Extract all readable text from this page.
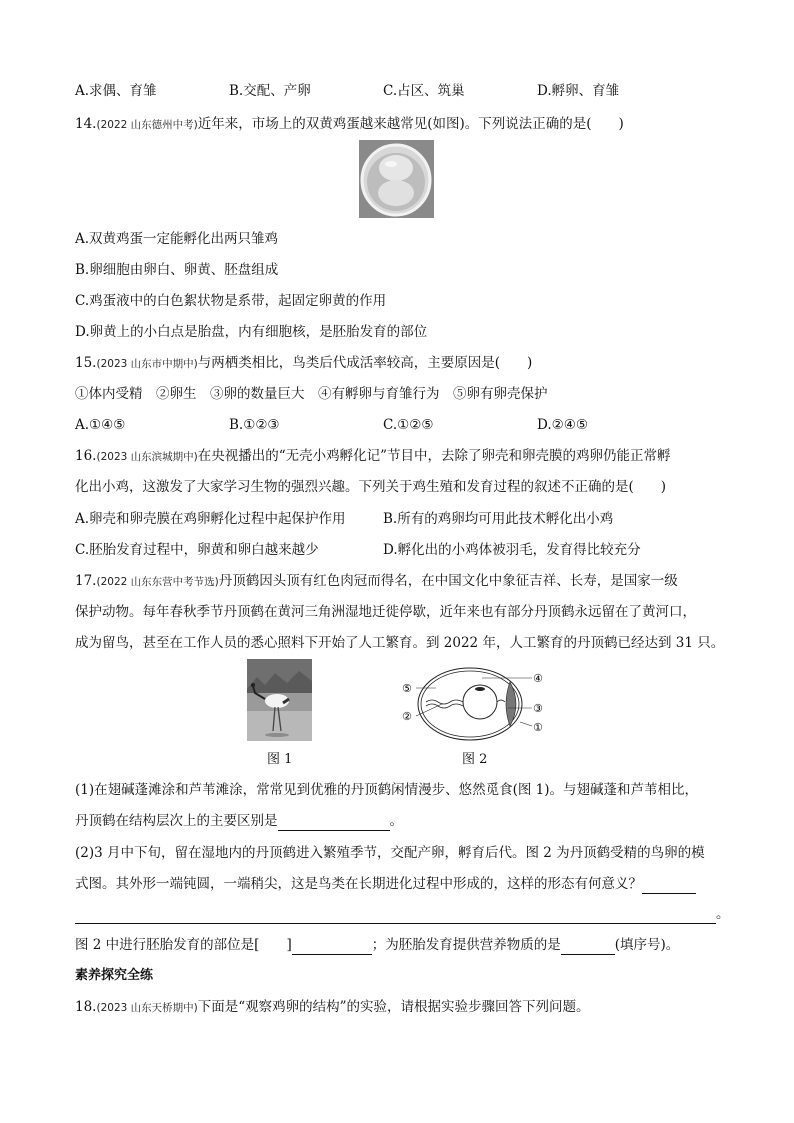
A.求偶、育雏	B.交配、产卵	C.占区、筑巢	D.孵卵、育雏
14.(2022 山东德州中考)近年来，市场上的双黄鸡蛋越来越常见(如图)。下列说法正确的是(　　)
A.双黄鸡蛋一定能孵化出两只雏鸡
B.卵细胞由卵白、卵黄、胚盘组成
C.鸡蛋液中的白色絮状物是系带，起固定卵黄的作用
D.卵黄上的小白点是胎盘，内有细胞核，是胚胎发育的部位
15.(2023 山东市中期中)与两栖类相比，鸟类后代成活率较高，主要原因是(　　)
①体内受精　②卵生　③卵的数量巨大　④有孵卵与育雏行为　⑤卵有卵壳保护
A.①④⑤	B.①②③	C.①②⑤	D.②④⑤
16.(2023 山东滨城期中)在央视播出的“无壳小鸡孵化记”节目中，去除了卵壳和卵壳膜的鸡卵仍能正常孵
化出小鸡，这激发了大家学习生物的强烈兴趣。下列关于鸡生殖和发育过程的叙述不正确的是(　　)
A.卵壳和卵壳膜在鸡卵孵化过程中起保护作用	B.所有的鸡卵均可用此技术孵化出小鸡
C.胚胎发育过程中，卵黄和卵白越来越少	D.孵化出的小鸡体被羽毛，发育得比较充分
17.(2022 山东东营中考节选)丹顶鹤因头顶有红色肉冠而得名，在中国文化中象征吉祥、长寿，是国家一级
保护动物。每年春秋季节丹顶鹤在黄河三角洲湿地迁徙停歇，近年来也有部分丹顶鹤永远留在了黄河口，
成为留鸟，甚至在工作人员的悉心照料下开始了人工繁育。到 2022 年，人工繁育的丹顶鹤已经达到 31 只。
图 1
⑤
②
④
③
①
图 2
(1)在翅碱蓬滩涂和芦苇滩涂，常常见到优雅的丹顶鹤闲情漫步、悠然觅食(图 1)。与翅碱蓬和芦苇相比，
丹顶鹤在结构层次上的主要区别是	。
(2)3 月中下旬，留在湿地内的丹顶鹤进入繁殖季节，交配产卵，孵育后代。图 2 为丹顶鹤受精的鸟卵的模
式图。其外形一端钝圆，一端稍尖，这是鸟类在长期进化过程中形成的，这样的形态有何意义？
。
图 2 中进行胚胎发育的部位是[　　]	；为胚胎发育提供营养物质的是	(填序号)。
素养探究全练
18.(2023 山东天桥期中)下面是“观察鸡卵的结构”的实验，请根据实验步骤回答下列问题。
